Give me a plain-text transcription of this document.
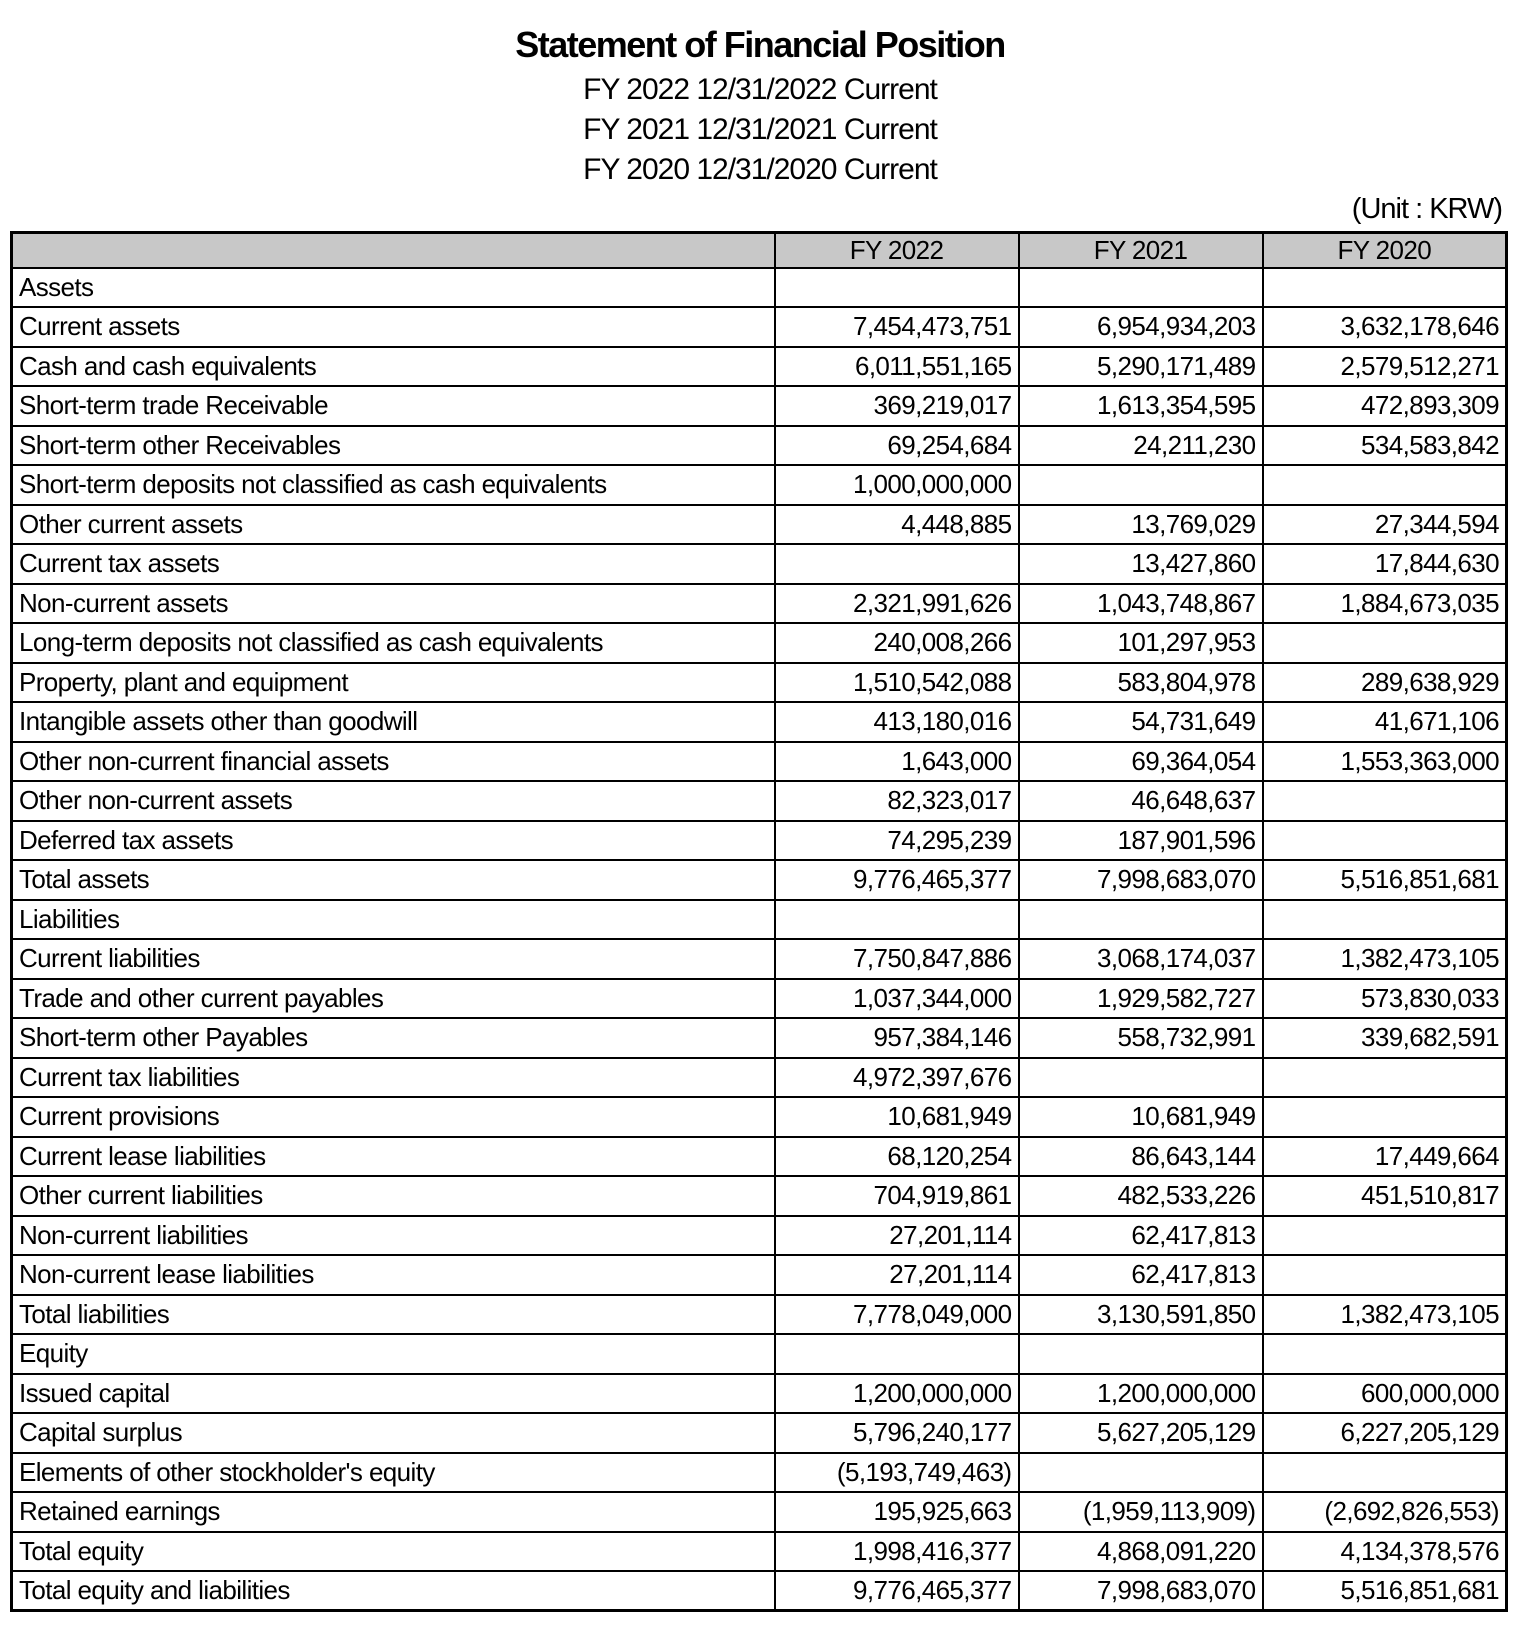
Statement of Financial Position
FY 2022 12/31/2022 Current
FY 2021 12/31/2021 Current
FY 2020 12/31/2020 Current
(Unit : KRW)
	FY 2022	FY 2021	FY 2020
Assets			
Current assets	7,454,473,751	6,954,934,203	3,632,178,646
Cash and cash equivalents	6,011,551,165	5,290,171,489	2,579,512,271
Short-term trade Receivable	369,219,017	1,613,354,595	472,893,309
Short-term other Receivables	69,254,684	24,211,230	534,583,842
Short-term deposits not classified as cash equivalents	1,000,000,000		
Other current assets	4,448,885	13,769,029	27,344,594
Current tax assets		13,427,860	17,844,630
Non-current assets	2,321,991,626	1,043,748,867	1,884,673,035
Long-term deposits not classified as cash equivalents	240,008,266	101,297,953	
Property, plant and equipment	1,510,542,088	583,804,978	289,638,929
Intangible assets other than goodwill	413,180,016	54,731,649	41,671,106
Other non-current financial assets	1,643,000	69,364,054	1,553,363,000
Other non-current assets	82,323,017	46,648,637	
Deferred tax assets	74,295,239	187,901,596	
Total assets	9,776,465,377	7,998,683,070	5,516,851,681
Liabilities			
Current liabilities	7,750,847,886	3,068,174,037	1,382,473,105
Trade and other current payables	1,037,344,000	1,929,582,727	573,830,033
Short-term other Payables	957,384,146	558,732,991	339,682,591
Current tax liabilities	4,972,397,676		
Current provisions	10,681,949	10,681,949	
Current lease liabilities	68,120,254	86,643,144	17,449,664
Other current liabilities	704,919,861	482,533,226	451,510,817
Non-current liabilities	27,201,114	62,417,813	
Non-current lease liabilities	27,201,114	62,417,813	
Total liabilities	7,778,049,000	3,130,591,850	1,382,473,105
Equity			
Issued capital	1,200,000,000	1,200,000,000	600,000,000
Capital surplus	5,796,240,177	5,627,205,129	6,227,205,129
Elements of other stockholder's equity	(5,193,749,463)		
Retained earnings	195,925,663	(1,959,113,909)	(2,692,826,553)
Total equity	1,998,416,377	4,868,091,220	4,134,378,576
Total equity and liabilities	9,776,465,377	7,998,683,070	5,516,851,681
